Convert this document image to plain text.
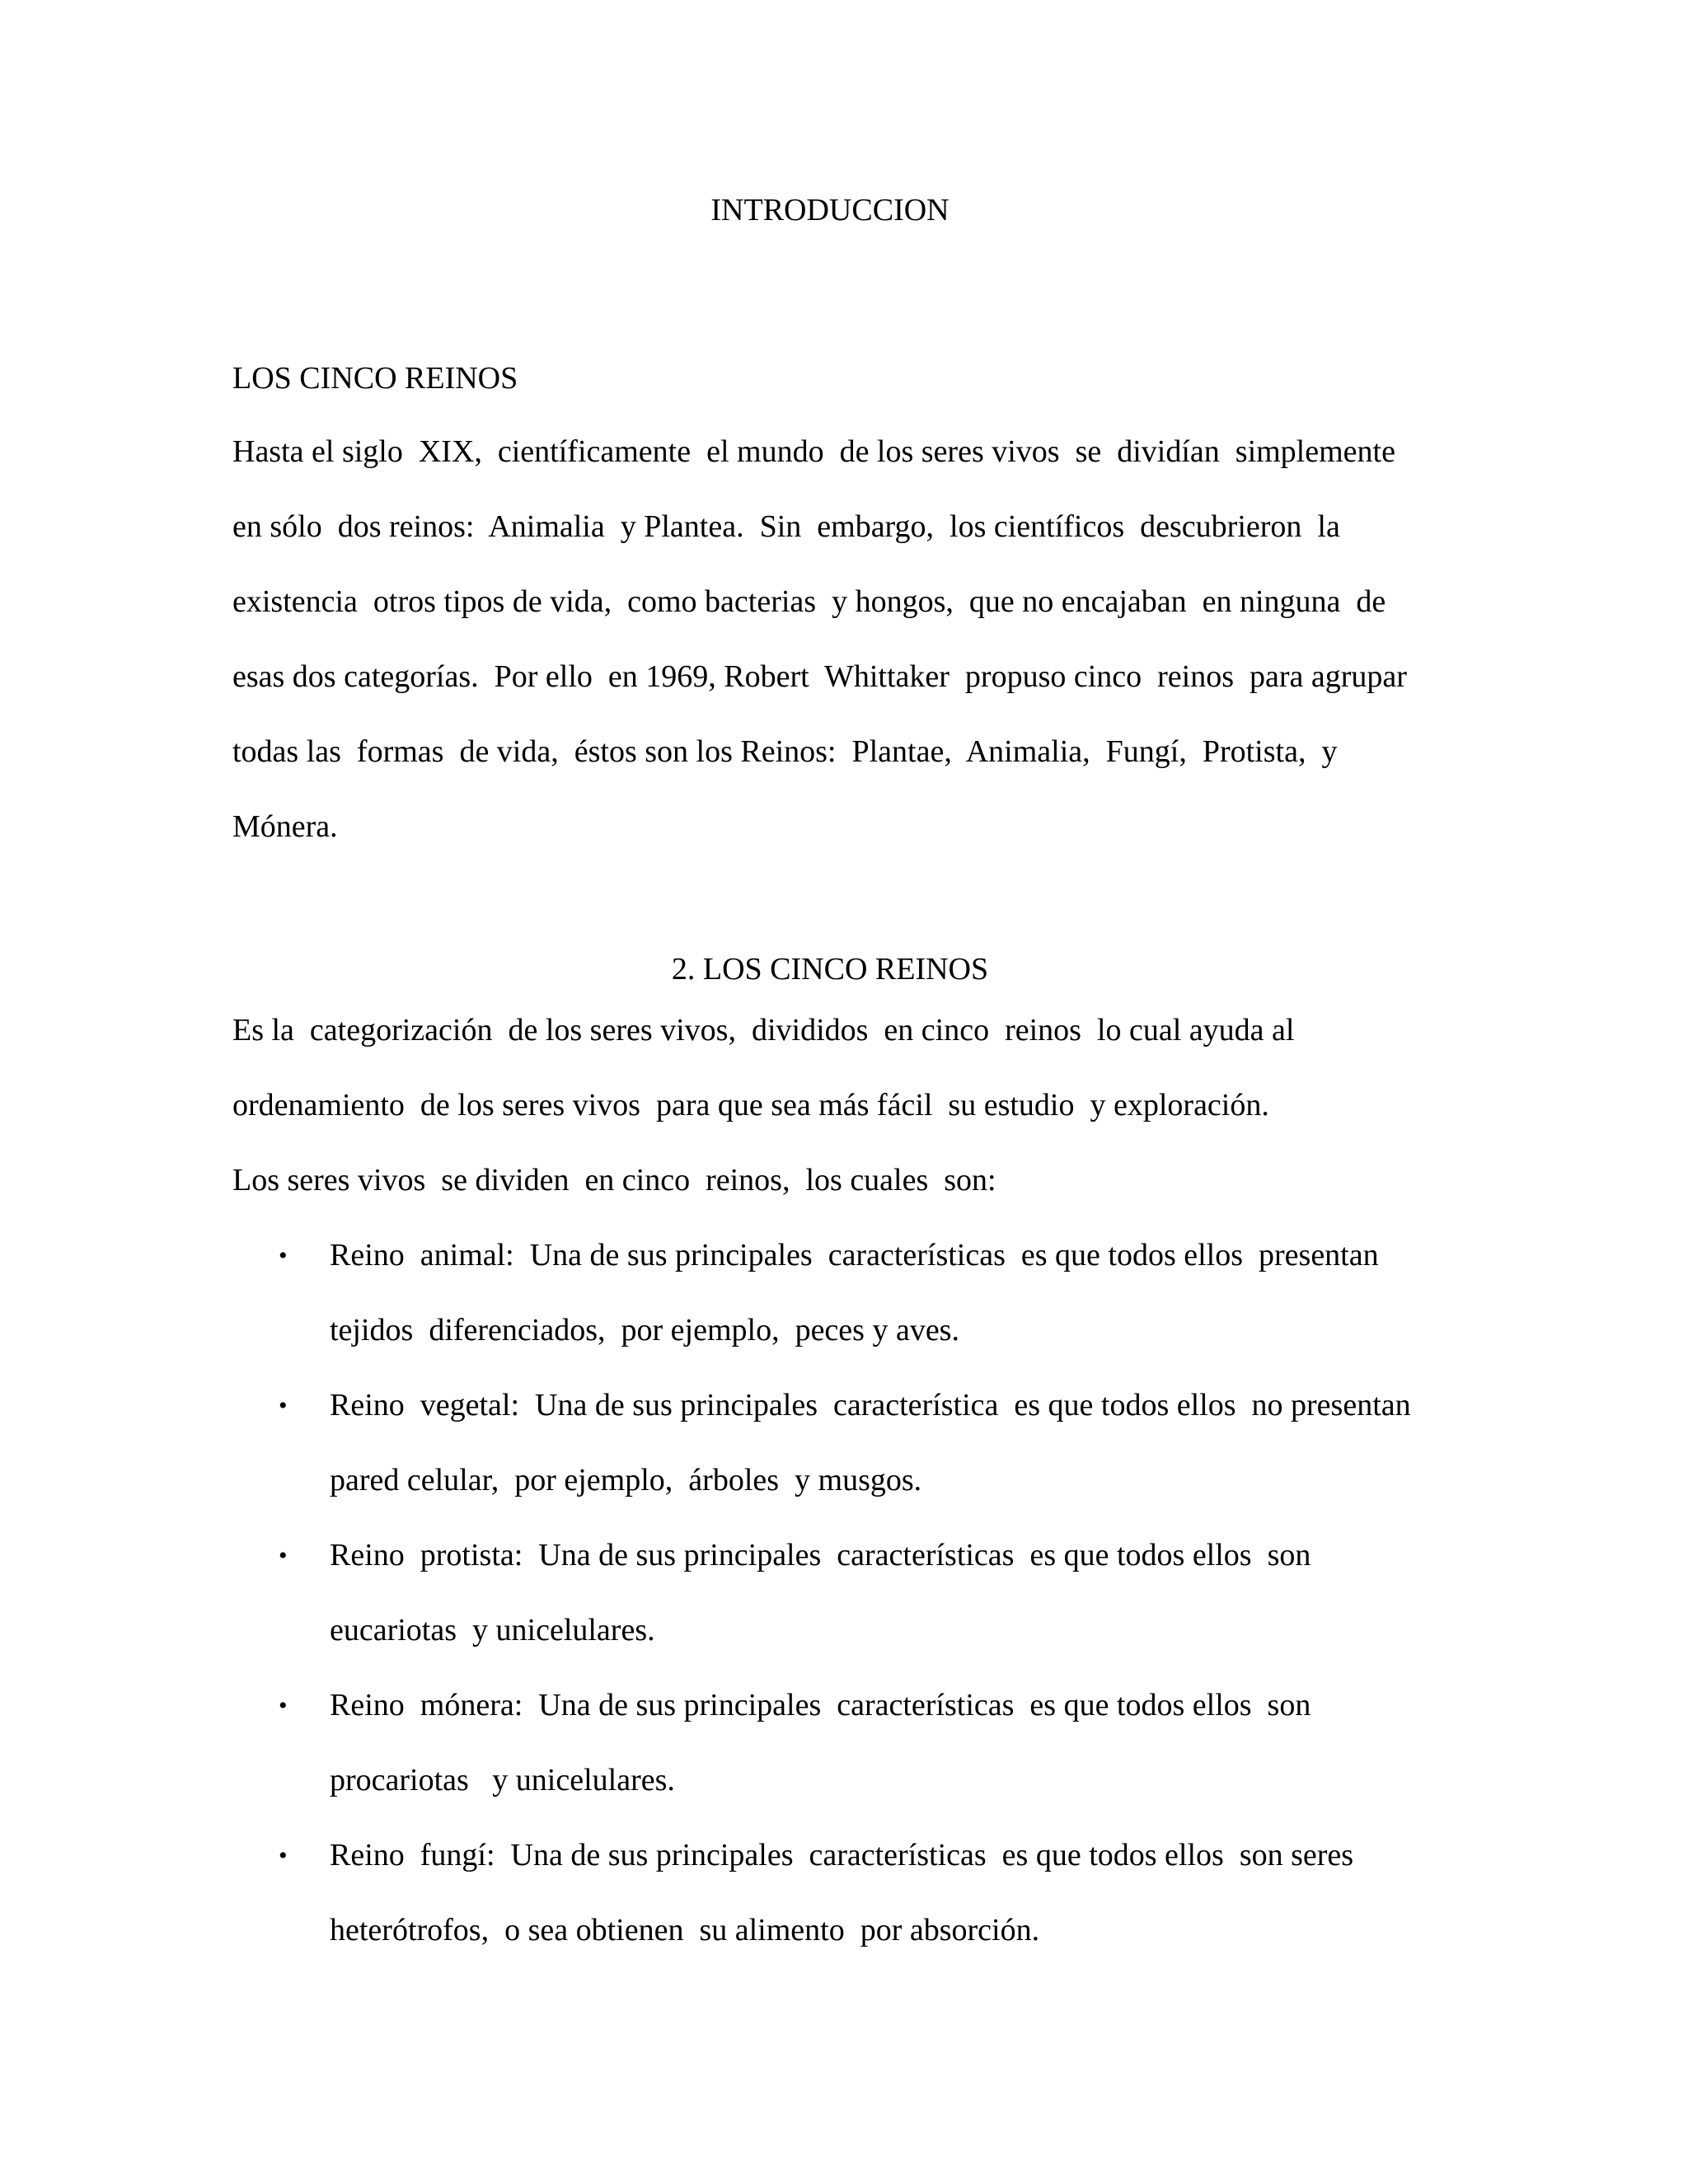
INTRODUCCION
LOS CINCO REINOS
Hasta el siglo  XIX,  científicamente  el mundo  de los seres vivos  se  dividían  simplemente
en sólo  dos reinos:  Animalia  y Plantea.  Sin  embargo,  los científicos  descubrieron  la
existencia  otros tipos de vida,  como bacterias  y hongos,  que no encajaban  en ninguna  de
esas dos categorías.  Por ello  en 1969, Robert  Whittaker  propuso cinco  reinos  para agrupar
todas las  formas  de vida,  éstos son los Reinos:  Plantae,  Animalia,  Fungí,  Protista,  y
Mónera.
2. LOS CINCO REINOS
Es la  categorización  de los seres vivos,  divididos  en cinco  reinos  lo cual ayuda al
ordenamiento  de los seres vivos  para que sea más fácil  su estudio  y exploración.
Los seres vivos  se dividen  en cinco  reinos,  los cuales  son:
• Reino  animal:  Una de sus principales  características  es que todos ellos  presentan
tejidos  diferenciados,  por ejemplo,  peces y aves.
• Reino  vegetal:  Una de sus principales  característica  es que todos ellos  no presentan
pared celular,  por ejemplo,  árboles  y musgos.
• Reino  protista:  Una de sus principales  características  es que todos ellos  son
eucariotas  y unicelulares.
• Reino  mónera:  Una de sus principales  características  es que todos ellos  son
procariotas   y unicelulares.
• Reino  fungí:  Una de sus principales  características  es que todos ellos  son seres
heterótrofos,  o sea obtienen  su alimento  por absorción.
